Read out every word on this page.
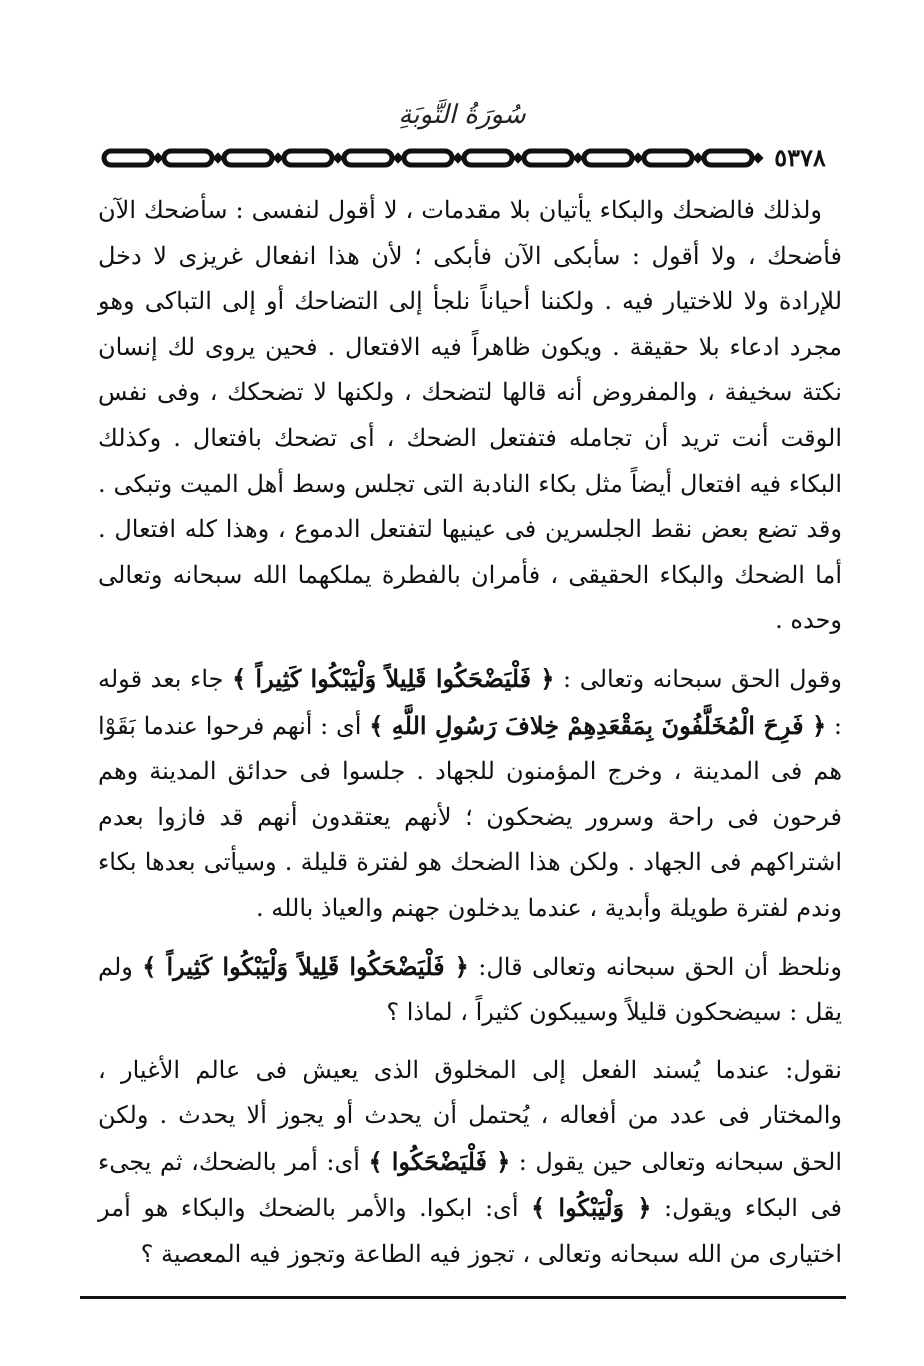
سُورَةُ التَّوبَةِ
٥٣٧٨

ولذلك فالضحك والبكاء يأتيان بلا مقدمات ، لا أقول لنفسى : سأضحك الآن فأضحك ، ولا أقول : سأبكى الآن فأبكى ؛ لأن هذا انفعال غريزى لا دخل للإرادة ولا للاختيار فيه . ولكننا أحياناً نلجأ إلى التضاحك أو إلى التباكى وهو مجرد ادعاء بلا حقيقة . ويكون ظاهراً فيه الافتعال . فحين يروى لك إنسان نكتة سخيفة ، والمفروض أنه قالها لتضحك ، ولكنها لا تضحكك ، وفى نفس الوقت أنت تريد أن تجامله فتفتعل الضحك ، أى تضحك بافتعال . وكذلك البكاء فيه افتعال أيضاً مثل بكاء النادبة التى تجلس وسط أهل الميت وتبكى . وقد تضع بعض نقط الجلسرين فى عينيها لتفتعل الدموع ، وهذا كله افتعال . أما الضحك والبكاء الحقيقى ، فأمران بالفطرة يملكهما الله سبحانه وتعالى وحده .

وقول الحق سبحانه وتعالى : ﴿ فَلْيَضْحَكُوا قَلِيلاً وَلْيَبْكُوا كَثِيراً ﴾ جاء بعد قوله : ﴿ فَرِحَ الْمُخَلَّفُونَ بِمَقْعَدِهِمْ خِلافَ رَسُولِ اللَّهِ ﴾ أى : أنهم فرحوا عندما بَقَوْا هم فى المدينة ، وخرج المؤمنون للجهاد . جلسوا فى حدائق المدينة وهم فرحون فى راحة وسرور يضحكون ؛ لأنهم يعتقدون أنهم قد فازوا بعدم اشتراكهم فى الجهاد . ولكن هذا الضحك هو لفترة قليلة . وسيأتى بعدها بكاء وندم لفترة طويلة وأبدية ، عندما يدخلون جهنم والعياذ بالله .

ونلحظ أن الحق سبحانه وتعالى قال: ﴿ فَلْيَضْحَكُوا قَلِيلاً وَلْيَبْكُوا كَثِيراً ﴾ ولم يقل : سيضحكون قليلاً وسيبكون كثيراً ، لماذا ؟

نقول: عندما يُسند الفعل إلى المخلوق الذى يعيش فى عالم الأغيار ، والمختار فى عدد من أفعاله ، يُحتمل أن يحدث أو يجوز ألا يحدث . ولكن الحق سبحانه وتعالى حين يقول : ﴿ فَلْيَضْحَكُوا ﴾ أى: أمر بالضحك، ثم يجىء فى البكاء ويقول: ﴿ وَلْيَبْكُوا ﴾ أى: ابكوا. والأمر بالضحك والبكاء هو أمر اختيارى من الله سبحانه وتعالى ، تجوز فيه الطاعة وتجوز فيه المعصية ؟
